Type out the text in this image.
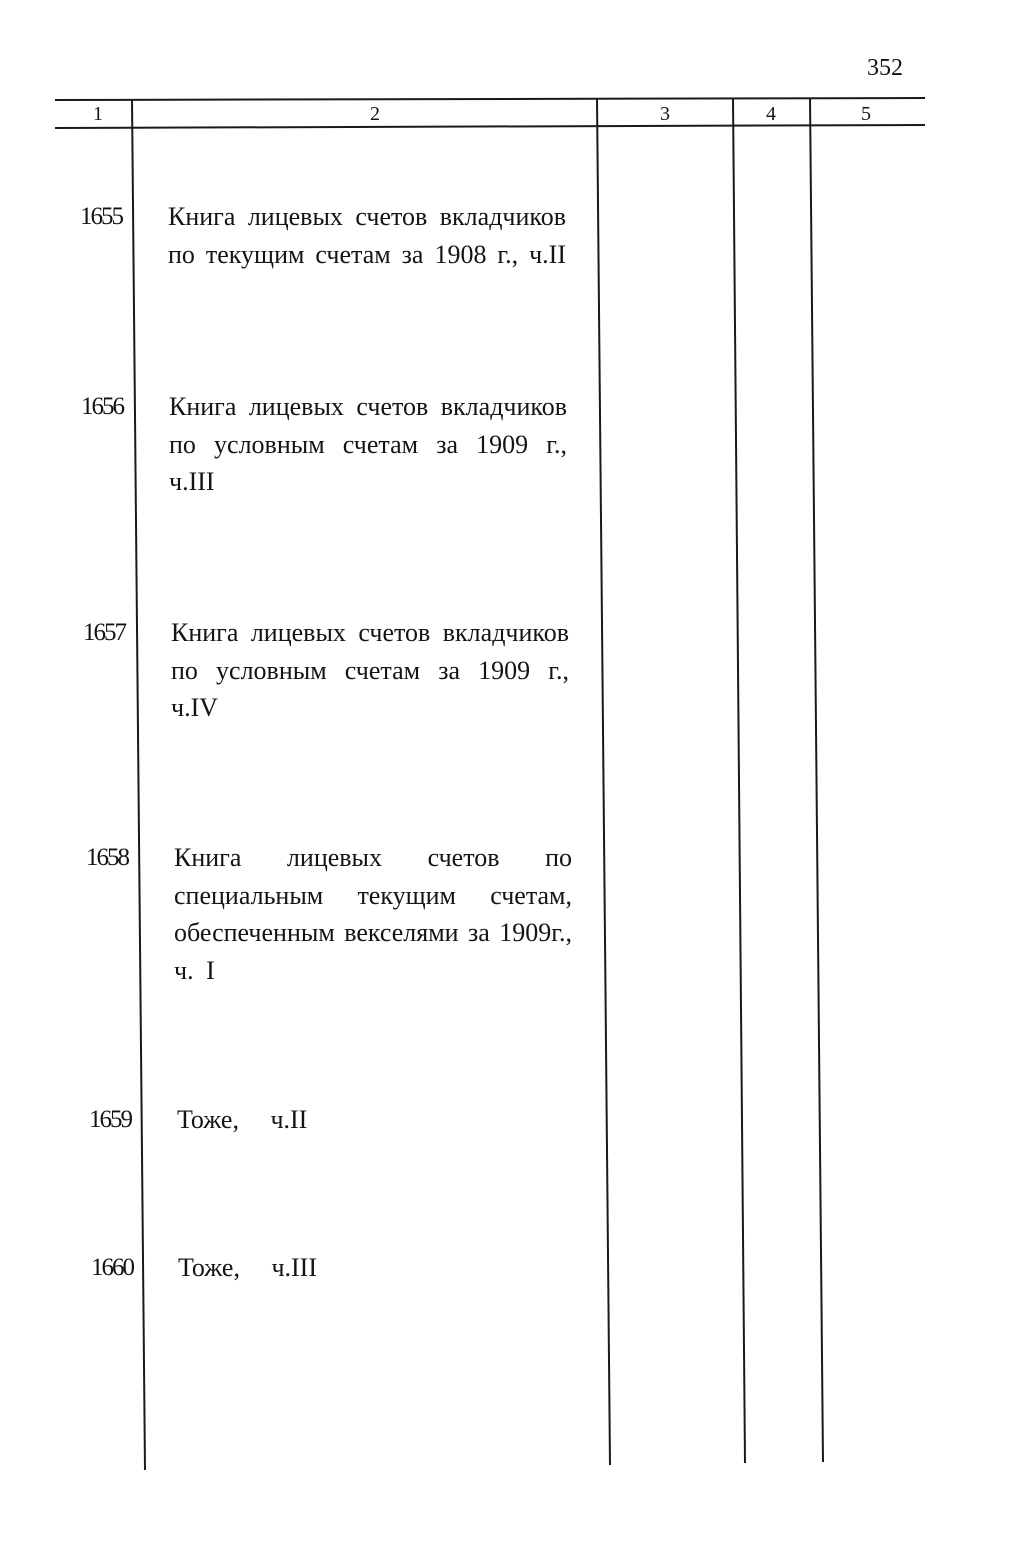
352
1	2	3	4	5
1655 Книга лицевых счетов вкладчиков
по текущим счетам за 1908 г., ч.II
1656 Книга лицевых счетов вкладчиков
по условным счетам за 1909 г.,
ч.III
1657 Книга лицевых счетов вкладчиков
по условным счетам за 1909 г.,
ч.IV
1658 Книга лицевых счетов по
специальным текущим счетам,
обеспеченным векселями за 1909г.,
ч. I
1659 Тоже, ч.II
1660 Тоже, ч.III
